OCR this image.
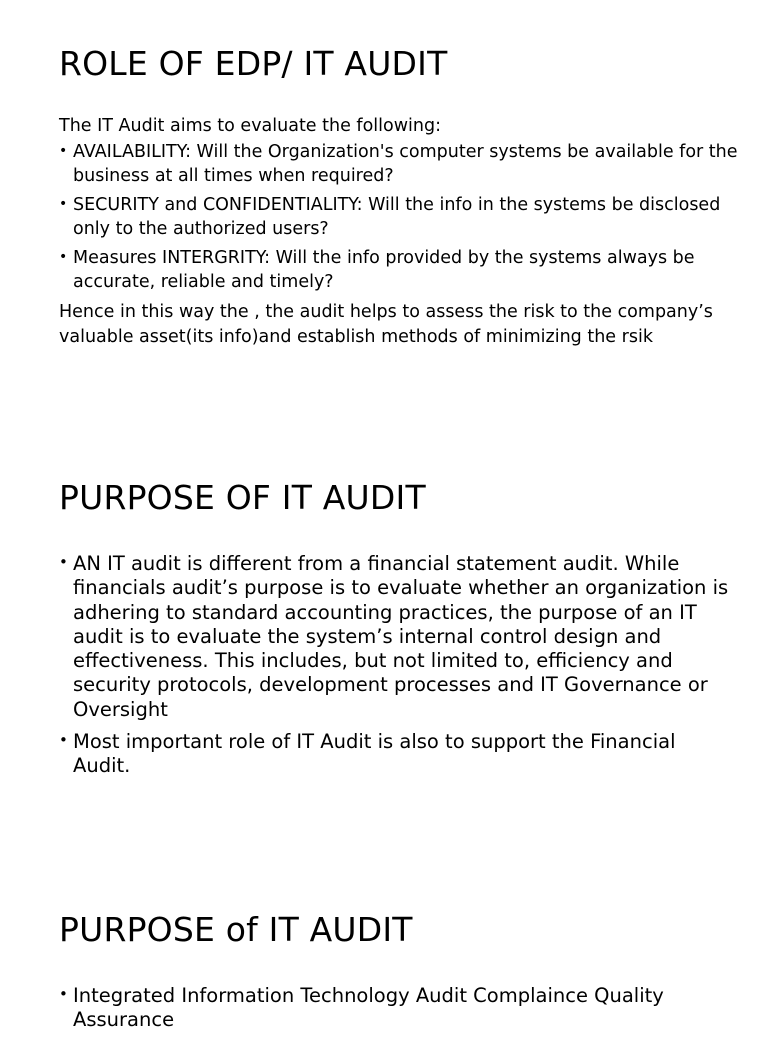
ROLE OF EDP/ IT AUDIT

The IT Audit aims to evaluate the following:

• AVAILABILITY: Will the Organization's computer systems be available for the business at all times when required?
• SECURITY and CONFIDENTIALITY: Will the info in the systems be disclosed only to the authorized users?
• Measures INTERGRITY: Will the info provided by the systems always be accurate, reliable and timely?

Hence in this way the , the audit helps to assess the risk to the company’s valuable asset(its info)and establish methods of minimizing the rsik

PURPOSE OF IT AUDIT
• AN IT audit is different from a financial statement audit. While financials audit’s purpose is to evaluate whether an organization is adhering to standard accounting practices, the purpose of an IT audit is to evaluate the system’s internal control design and effectiveness. This includes, but not limited to, efficiency and security protocols, development processes and IT Governance or Oversight
• Most important role of IT Audit is also to support the Financial Audit.
PURPOSE of IT AUDIT
• Integrated Information Technology Audit Complaince Quality Assurance
